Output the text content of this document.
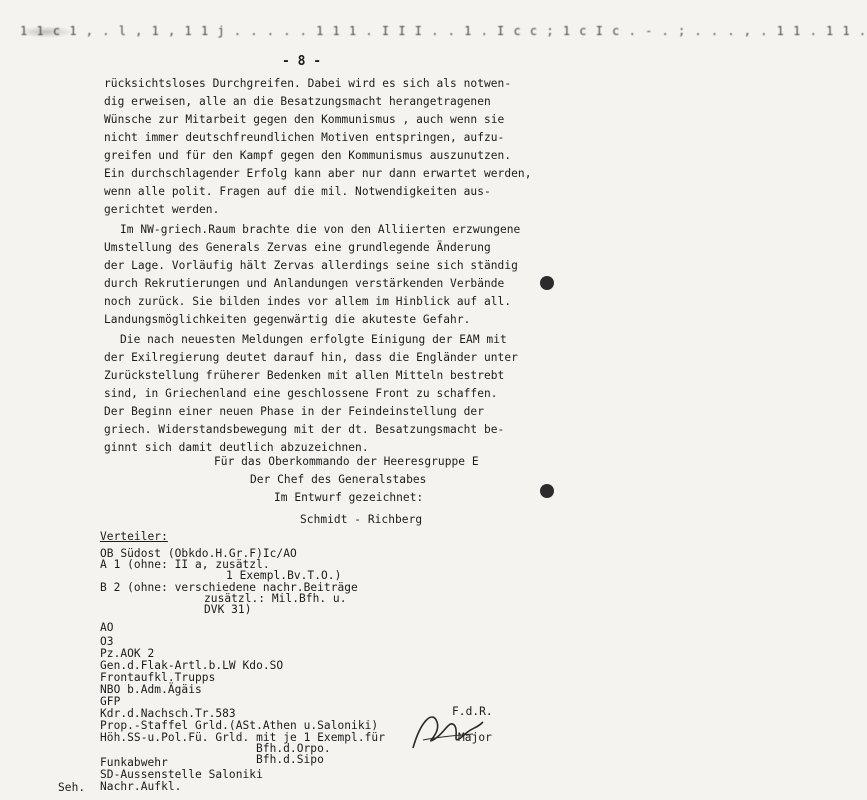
1 1 c 1 , . l , 1 , 1 1 j . . . . . 1 1 1 . I I I . . 1 . I c c ; 1 c I c . - . ; . . . , . 1 1 . 1 1 .
- 8 -
rücksichtsloses Durchgreifen. Dabei wird es sich als notwen-
dig erweisen, alle an die Besatzungsmacht herangetragenen
Wünsche zur Mitarbeit gegen den Kommunismus , auch wenn sie
nicht immer deutschfreundlichen Motiven entspringen, aufzu-
greifen und für den Kampf gegen den Kommunismus auszunutzen.
Ein durchschlagender Erfolg kann aber nur dann erwartet werden,
wenn alle polit. Fragen auf die mil. Notwendigkeiten aus-
gerichtet werden.
Im NW-griech.Raum brachte die von den Alliierten erzwungene
Umstellung des Generals Zervas eine grundlegende Änderung
der Lage. Vorläufig hält Zervas allerdings seine sich ständig
durch Rekrutierungen und Anlandungen verstärkenden Verbände
noch zurück. Sie bilden indes vor allem im Hinblick auf all.
Landungsmöglichkeiten gegenwärtig die akuteste Gefahr.
Die nach neuesten Meldungen erfolgte Einigung der EAM mit
der Exilregierung deutet darauf hin, dass die Engländer unter
Zurückstellung früherer Bedenken mit allen Mitteln bestrebt
sind, in Griechenland eine geschlossene Front zu schaffen.
Der Beginn einer neuen Phase in der Feindeinstellung der
griech. Widerstandsbewegung mit der dt. Besatzungsmacht be-
ginnt sich damit deutlich abzuzeichnen.
Für das Oberkommando der Heeresgruppe E
Der Chef des Generalstabes
Im Entwurf gezeichnet:
Schmidt - Richberg
Verteiler:
OB Südost (Obkdo.H.Gr.F)Ic/AO
A 1 (ohne: II a, zusätzl.
1 Exempl.Bv.T.O.)
B 2 (ohne: verschiedene nachr.Beiträge
zusätzl.: Mil.Bfh. u.
DVK 31)
AO
O3
Pz.AOK 2
Gen.d.Flak-Artl.b.LW Kdo.SO
Frontaufkl.Trupps
NBO b.Adm.Ägäis
GFP
Kdr.d.Nachsch.Tr.583
Prop.-Staffel Grld.(ASt.Athen u.Saloniki)
Höh.SS-u.Pol.Fü. Grld. mit je 1 Exempl.für
Bfh.d.Orpo.
Bfh.d.Sipo
Funkabwehr
SD-Aussenstelle Saloniki
Nachr.Aufkl.
Seh.
F.d.R.
Major
